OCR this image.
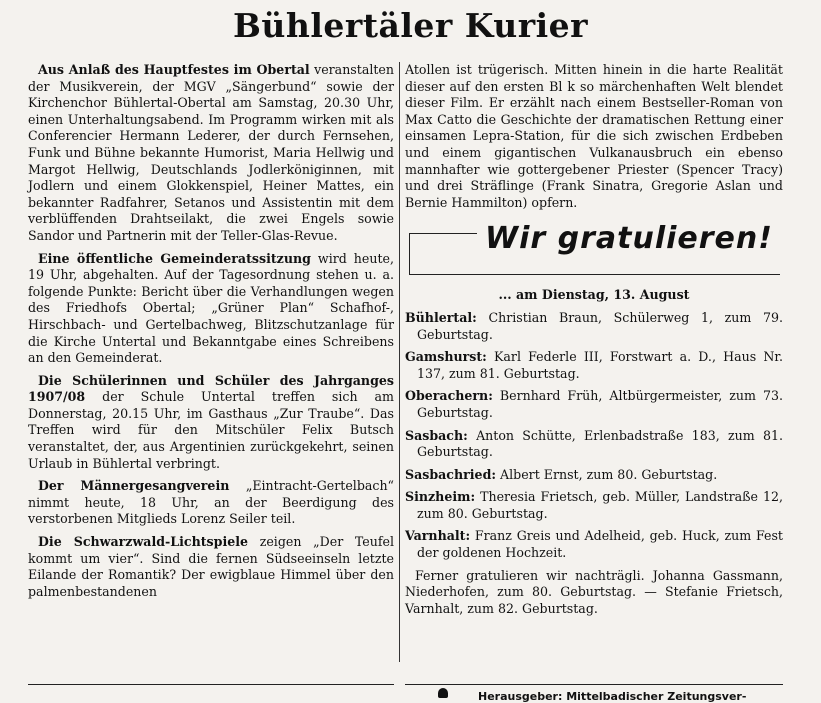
Bühlertäler Kurier

Aus Anlaß des Hauptfestes im Obertal veranstalten der Musikverein, der MGV „Sängerbund“ sowie der Kirchenchor Bühlertal-Obertal am Samstag, 20.30 Uhr, einen Unterhaltungsabend. Im Programm wirken mit als Conferencier Hermann Lederer, der durch Fernsehen, Funk und Bühne bekannte Humorist, Maria Hellwig und Margot Hellwig, Deutschlands Jodlerköniginnen, mit Jodlern und einem Glokkenspiel, Heiner Mattes, ein bekannter Radfahrer, Setanos und Assistentin mit dem verblüffenden Drahtseilakt, die zwei Engels sowie Sandor und Partnerin mit der Teller-Glas-Revue.

Eine öffentliche Gemeinderatssitzung wird heute, 19 Uhr, abgehalten. Auf der Tagesordnung stehen u. a. folgende Punkte: Bericht über die Verhandlungen wegen des Friedhofs Obertal; „Grüner Plan“ Schafhof-, Hirschbach- und Gertelbachweg, Blitzschutzanlage für die Kirche Untertal und Bekanntgabe eines Schreibens an den Gemeinderat.

Die Schülerinnen und Schüler des Jahrganges 1907/08 der Schule Untertal treffen sich am Donnerstag, 20.15 Uhr, im Gasthaus „Zur Traube“. Das Treffen wird für den Mitschüler Felix Butsch veranstaltet, der, aus Argentinien zurückgekehrt, seinen Urlaub in Bühlertal verbringt.

Der Männergesangverein „Eintracht-Gertelbach“ nimmt heute, 18 Uhr, an der Beerdigung des verstorbenen Mitglieds Lorenz Seiler teil.

Die Schwarzwald-Lichtspiele zeigen „Der Teufel kommt um vier“. Sind die fernen Südseeinseln letzte Eilande der Romantik? Der ewigblaue Himmel über den palmenbestandenen

Atollen ist trügerisch. Mitten hinein in die harte Realität dieser auf den ersten Bl k so märchenhaften Welt blendet dieser Film. Er erzählt nach einem Bestseller-Roman von Max Catto die Geschichte der dramatischen Rettung einer einsamen Lepra-Station, für die sich zwischen Erdbeben und einem gigantischen Vulkanausbruch ein ebenso mannhafter wie gottergebener Priester (Spencer Tracy) und drei Sträflinge (Frank Sinatra, Gregorie Aslan und Bernie Hammilton) opfern.

Wir gratulieren!
... am Dienstag, 13. August
Bühlertal: Christian Braun, Schülerweg 1, zum 79. Geburtstag.
Gamshurst: Karl Federle III, Forstwart a. D., Haus Nr. 137, zum 81. Geburtstag.
Oberachern: Bernhard Früh, Altbürgermeister, zum 73. Geburtstag.
Sasbach: Anton Schütte, Erlenbadstraße 183, zum 81. Geburtstag.
Sasbachried: Albert Ernst, zum 80. Geburtstag.
Sinzheim: Theresia Frietsch, geb. Müller, Landstraße 12, zum 80. Geburtstag.
Varnhalt: Franz Greis und Adelheid, geb. Huck, zum Fest der goldenen Hochzeit.

Ferner gratulieren wir nachträgli. Johanna Gassmann, Niederhofen, zum 80. Geburtstag. — Stefanie Frietsch, Varnhalt, zum 82. Geburtstag.

Herausgeber: Mittelbadischer Zeitungsver-
